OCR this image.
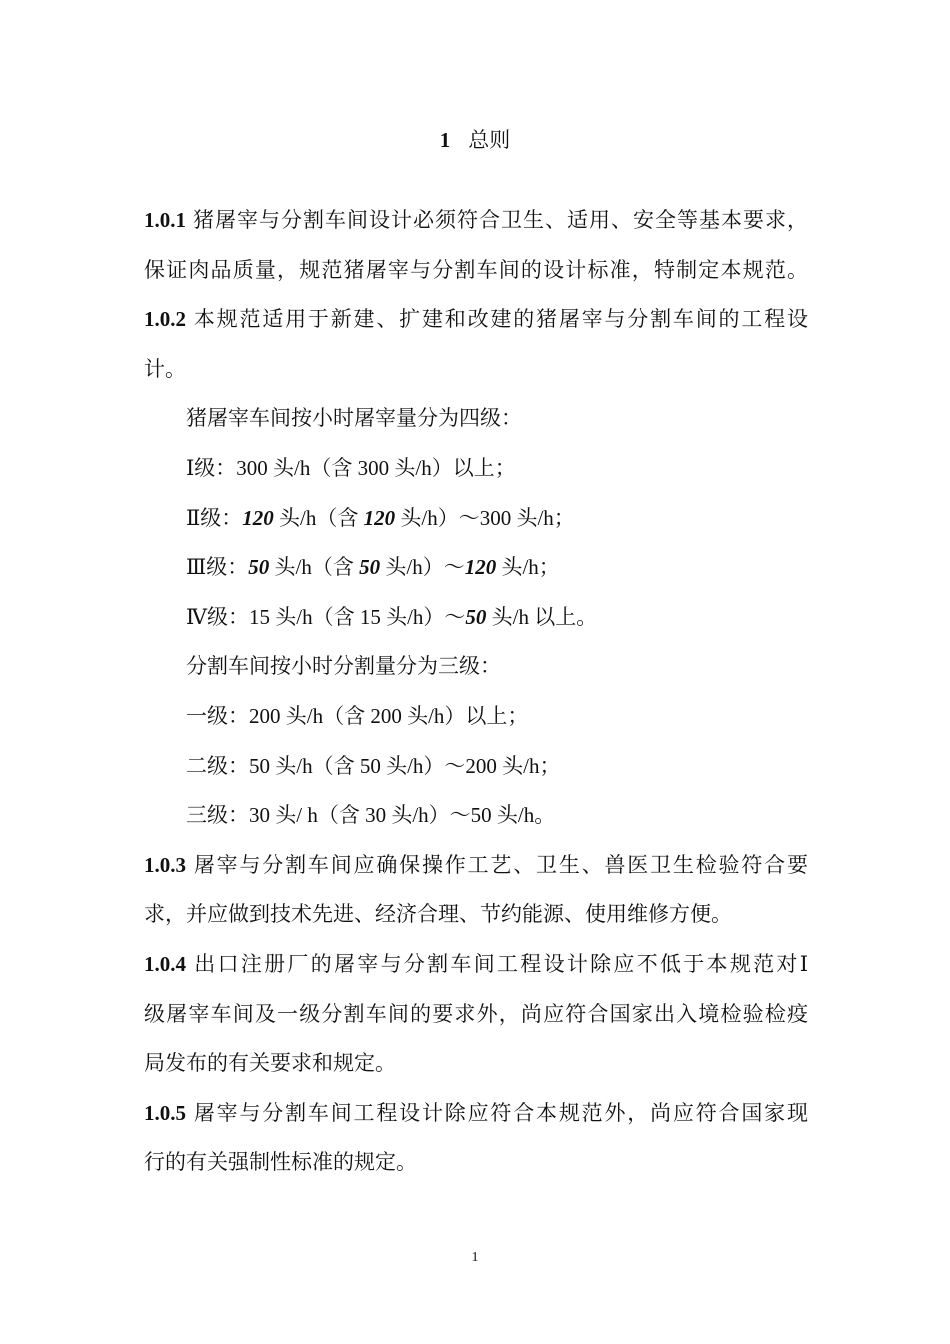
1 总则
1.0.1 猪屠宰与分割车间设计必须符合卫生、适用、安全等基本要求，
保证肉品质量，规范猪屠宰与分割车间的设计标准，特制定本规范。
1.0.2 本规范适用于新建、扩建和改建的猪屠宰与分割车间的工程设
计。
猪屠宰车间按小时屠宰量分为四级：
Ⅰ级：300 头/h（含 300 头/h）以上；
Ⅱ级：120 头/h（含 120 头/h）～300 头/h；
Ⅲ级：50 头/h（含 50 头/h）～120 头/h；
Ⅳ级：15 头/h（含 15 头/h）～50 头/h 以上。
分割车间按小时分割量分为三级：
一级：200 头/h（含 200 头/h）以上；
二级：50 头/h（含 50 头/h）～200 头/h；
三级：30 头/ h（含 30 头/h）～50 头/h。
1.0.3 屠宰与分割车间应确保操作工艺、卫生、兽医卫生检验符合要
求，并应做到技术先进、经济合理、节约能源、使用维修方便。
1.0.4 出口注册厂的屠宰与分割车间工程设计除应不低于本规范对Ⅰ
级屠宰车间及一级分割车间的要求外，尚应符合国家出入境检验检疫
局发布的有关要求和规定。
1.0.5 屠宰与分割车间工程设计除应符合本规范外，尚应符合国家现
行的有关强制性标准的规定。
1
